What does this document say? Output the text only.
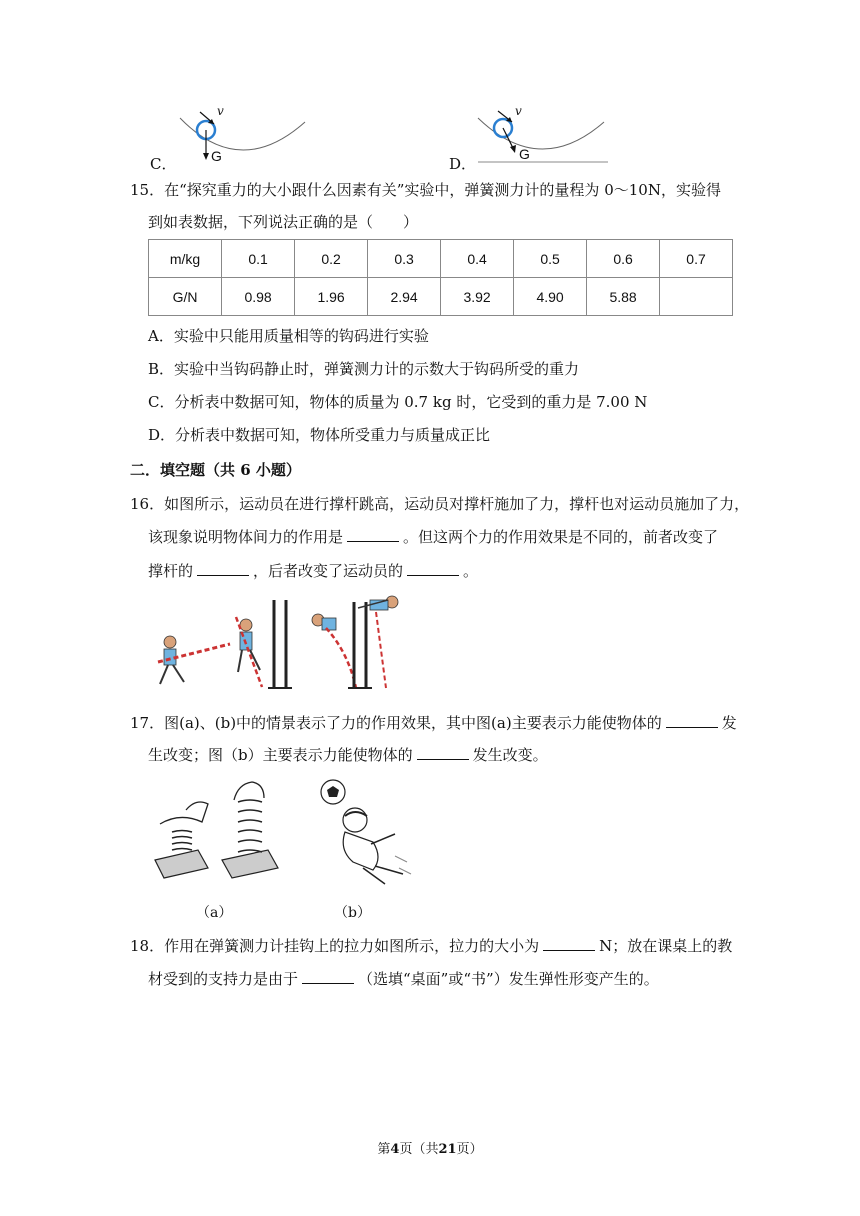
v
G
C．
v
G
D．
15．在“探究重力的大小跟什么因素有关”实验中，弹簧测力计的量程为 0～10N，实验得
到如表数据，下列说法正确的是（　　）
m/kg	0.1	0.2	0.3	0.4	0.5	0.6	0.7
G/N	0.98	1.96	2.94	3.92	4.90	5.88	
A．实验中只能用质量相等的钩码进行实验
B．实验中当钩码静止时，弹簧测力计的示数大于钩码所受的重力
C．分析表中数据可知，物体的质量为 0.7 kg 时，它受到的重力是 7.00 N
D．分析表中数据可知，物体所受重力与质量成正比
二．填空题（共 6 小题）
16．如图所示，运动员在进行撑杆跳高，运动员对撑杆施加了力，撑杆也对运动员施加了力，
该现象说明物体间力的作用是	。但这两个力的作用效果是不同的，前者改变了
撑杆的	，后者改变了运动员的	。
17．图(a)、(b)中的情景表示了力的作用效果，其中图(a)主要表示力能使物体的	发
生改变；图（b）主要表示力能使物体的	发生改变。
（a）	（b）
18．作用在弹簧测力计挂钩上的拉力如图所示，拉力的大小为	N；放在课桌上的教
材受到的支持力是由于	（选填“桌面”或“书”）发生弹性形变产生的。
第4页（共21页）
